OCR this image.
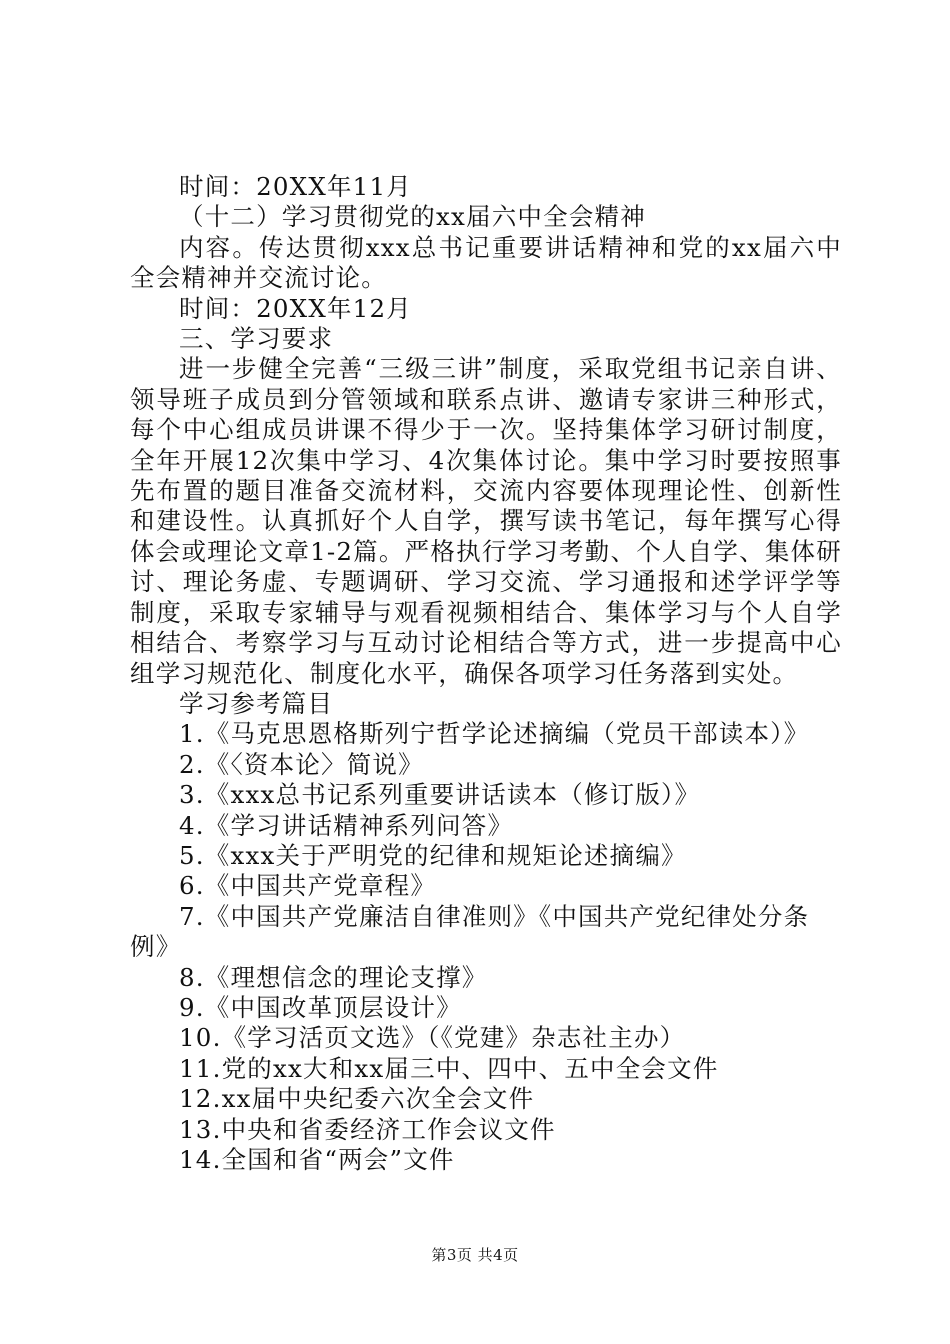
时间：20XX年11月

（十二）学习贯彻党的xx届六中全会精神

内容。传达贯彻xxx总书记重要讲话精神和党的xx届六中全会精神并交流讨论。

时间：20XX年12月

三、学习要求

进一步健全完善“三级三讲”制度，采取党组书记亲自讲、领导班子成员到分管领域和联系点讲、邀请专家讲三种形式，每个中心组成员讲课不得少于一次。坚持集体学习研讨制度，全年开展12次集中学习、4次集体讨论。集中学习时要按照事先布置的题目准备交流材料，交流内容要体现理论性、创新性和建设性。认真抓好个人自学，撰写读书笔记，每年撰写心得体会或理论文章1-2篇。严格执行学习考勤、个人自学、集体研讨、理论务虚、专题调研、学习交流、学习通报和述学评学等制度，采取专家辅导与观看视频相结合、集体学习与个人自学相结合、考察学习与互动讨论相结合等方式，进一步提高中心组学习规范化、制度化水平，确保各项学习任务落到实处。

学习参考篇目

1.《马克思恩格斯列宁哲学论述摘编（党员干部读本）》

2.《〈资本论〉简说》

3.《xxx总书记系列重要讲话读本（修订版）》

4.《学习讲话精神系列问答》

5.《xxx关于严明党的纪律和规矩论述摘编》

6.《中国共产党章程》

7.《中国共产党廉洁自律准则》《中国共产党纪律处分条例》

8.《理想信念的理论支撑》

9.《中国改革顶层设计》

10.《学习活页文选》（《党建》杂志社主办）

11.党的xx大和xx届三中、四中、五中全会文件

12.xx届中央纪委六次全会文件

13.中央和省委经济工作会议文件

14.全国和省“两会”文件

第3页 共4页
